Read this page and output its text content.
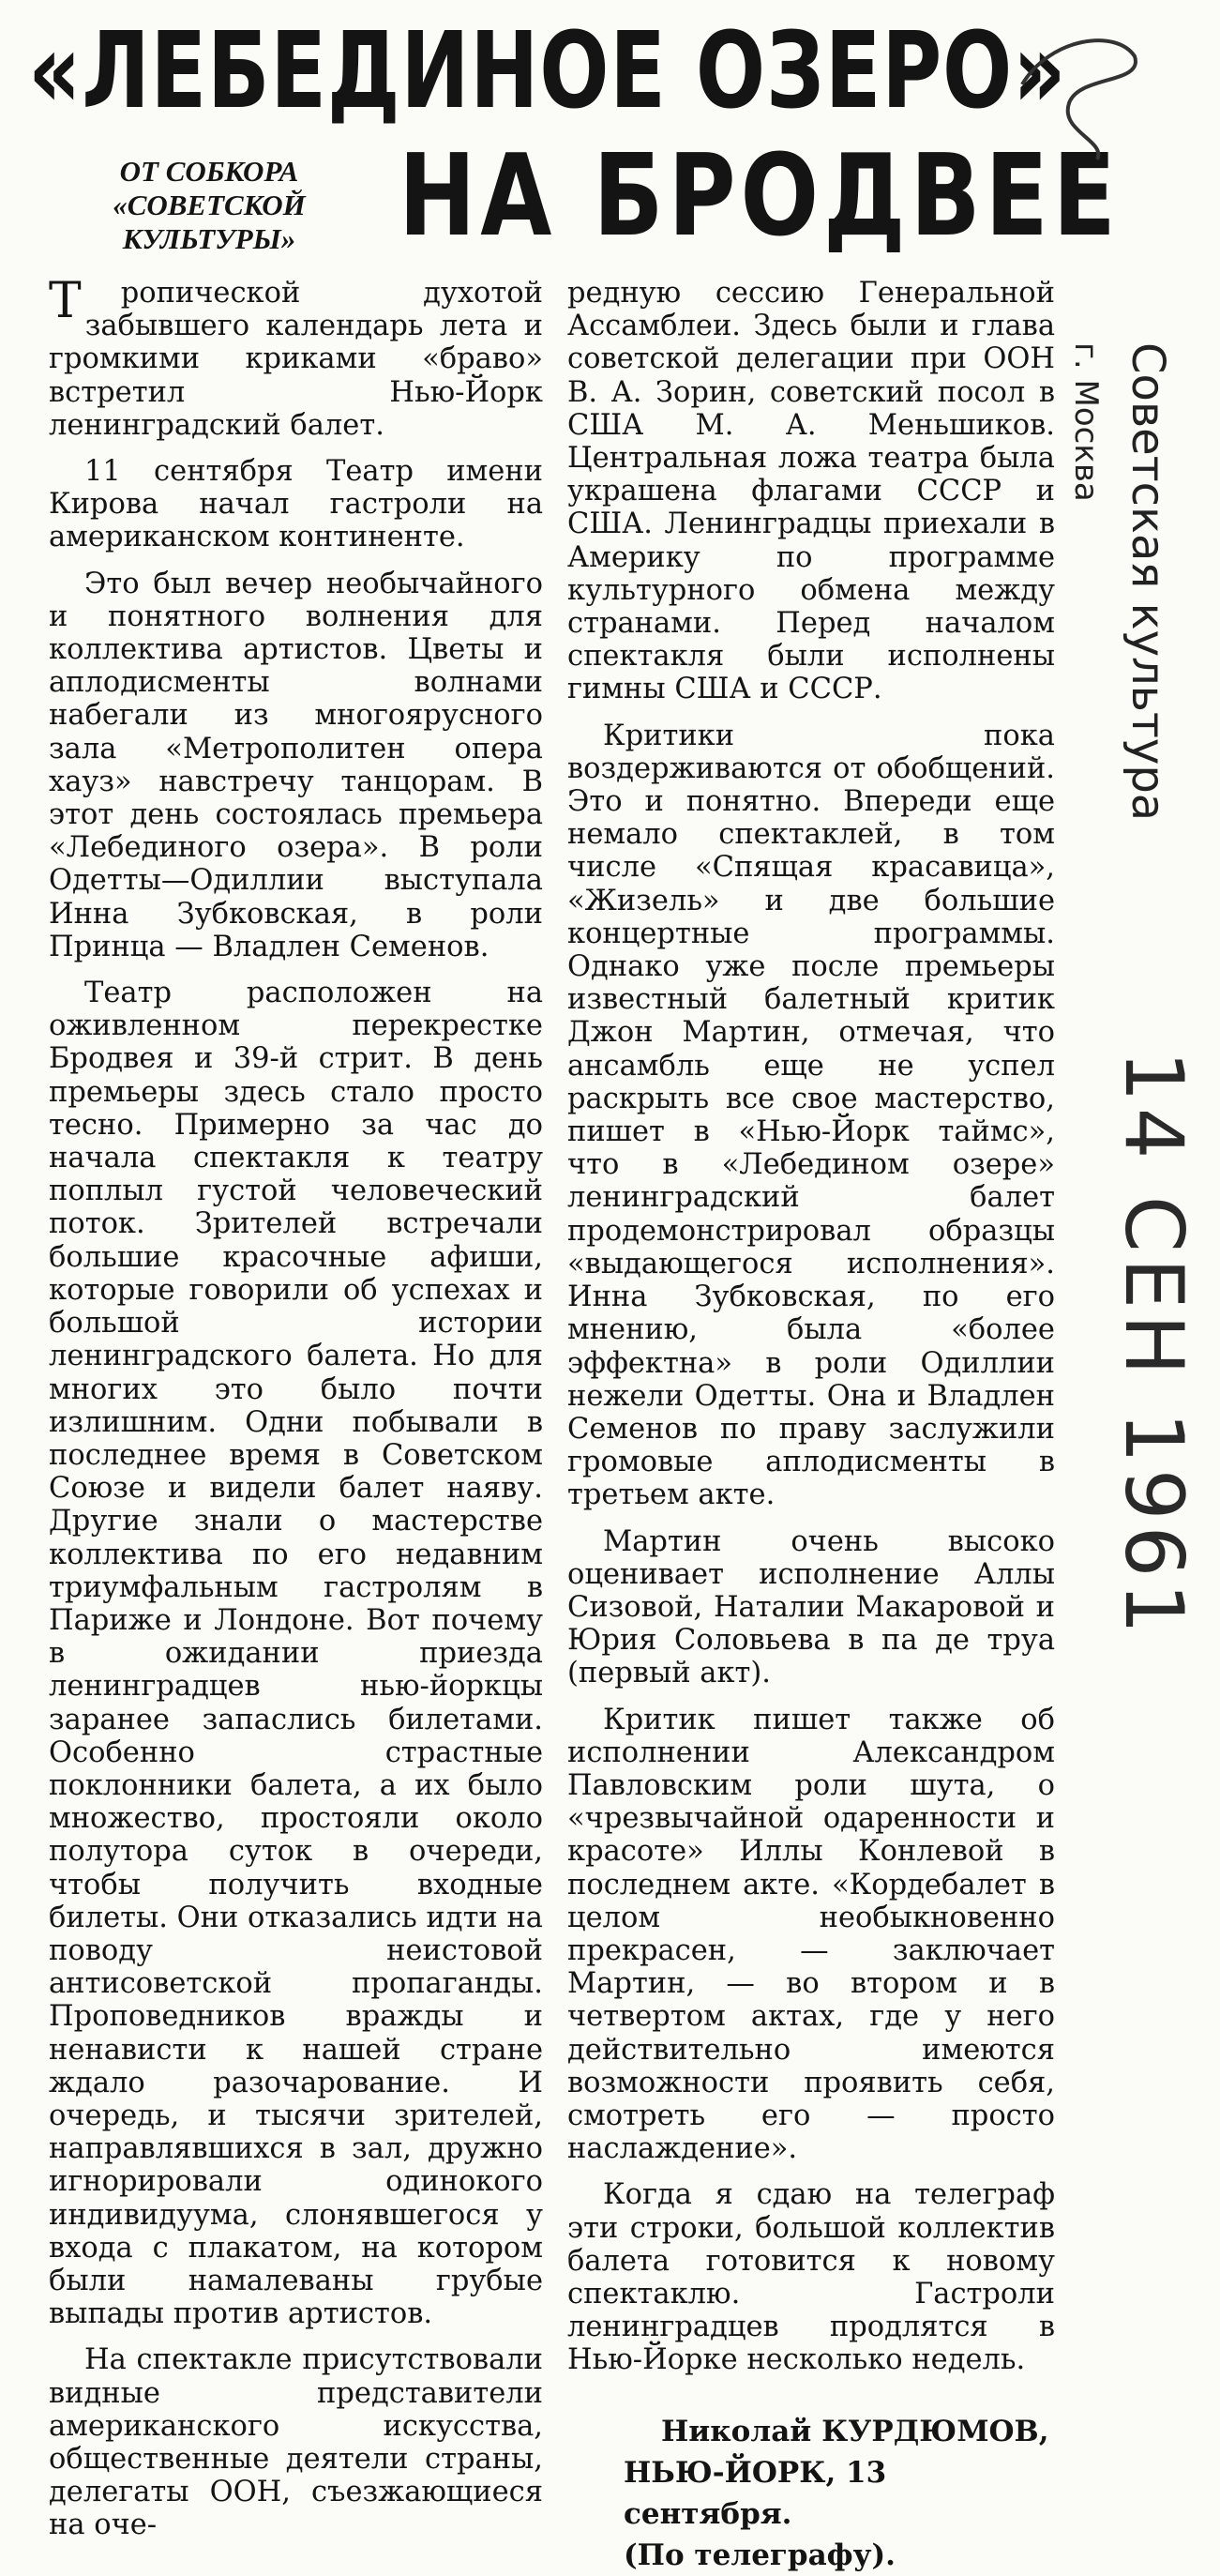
«ЛЕБЕДИНОЕ ОЗЕРО»
ОТ СОБКОРА «СОВЕТСКОЙ КУЛЬТУРЫ» НА БРОДВЕЕ

Т ропической духотой забывшего календарь лета и громкими криками «браво» встретил Нью-Йорк ленинградский балет.

11 сентября Театр имени Кирова начал гастроли на американском континенте.

Это был вечер необычайного и понятного волнения для коллектива артистов. Цветы и аплодисменты волнами набегали из многоярусного зала «Метрополитен опера хауз» навстречу танцорам. В этот день состоялась премьера «Лебединого озера». В роли Одетты—Одиллии выступала Инна Зубковская, в роли Принца — Владлен Семенов.

Театр расположен на оживленном перекрестке Бродвея и 39-й стрит. В день премьеры здесь стало просто тесно. Примерно за час до начала спектакля к театру поплыл густой человеческий поток. Зрителей встречали большие красочные афиши, которые говорили об успехах и большой истории ленинградского балета. Но для многих это было почти излишним. Одни побывали в последнее время в Советском Союзе и видели балет наяву. Другие знали о мастерстве коллектива по его недавним триумфальным гастролям в Париже и Лондоне. Вот почему в ожидании приезда ленинградцев нью-йоркцы заранее запаслись билетами. Особенно страстные поклонники балета, а их было множество, простояли около полутора суток в очереди, чтобы получить входные билеты. Они отказались идти на поводу неистовой антисоветской пропаганды. Проповедников вражды и ненависти к нашей стране ждало разочарование. И очередь, и тысячи зрителей, направлявшихся в зал, дружно игнорировали одинокого индивидуума, слонявшегося у входа с плакатом, на котором были намалеваны грубые выпады против артистов.

На спектакле присутствовали видные представители американского искусства, общественные деятели страны, делегаты ООН, съезжающиеся на оче-

редную сессию Генеральной Ассамблеи. Здесь были и глава советской делегации при ООН В. А. Зорин, советский посол в США М. А. Меньшиков. Центральная ложа театра была украшена флагами СССР и США. Ленинградцы приехали в Америку по программе культурного обмена между странами. Перед началом спектакля были исполнены гимны США и СССР.

Критики пока воздерживаются от обобщений. Это и понятно. Впереди еще немало спектаклей, в том числе «Спящая красавица», «Жизель» и две большие концертные программы. Однако уже после премьеры известный балетный критик Джон Мартин, отмечая, что ансамбль еще не успел раскрыть все свое мастерство, пишет в «Нью-Йорк таймс», что в «Лебедином озере» ленинградский балет продемонстрировал образцы «выдающегося исполнения». Инна Зубковская, по его мнению, была «более эффектна» в роли Одиллии нежели Одетты. Она и Владлен Семенов по праву заслужили громовые аплодисменты в третьем акте.

Мартин очень высоко оценивает исполнение Аллы Сизовой, Наталии Макаровой и Юрия Соловьева в па де труа (первый акт).

Критик пишет также об исполнении Александром Павловским роли шута, о «чрезвычайной одаренности и красоте» Иллы Конлевой в последнем акте. «Кордебалет в целом необыкновенно прекрасен, — заключает Мартин, — во втором и в четвертом актах, где у него действительно имеются возможности проявить себя, смотреть его — просто наслаждение».

Когда я сдаю на телеграф эти строки, большой коллектив балета готовится к новому спектаклю. Гастроли ленинградцев продлятся в Нью-Йорке несколько недель.

Николай КУРДЮМОВ,
НЬЮ-ЙОРК, 13 сентября.
(По телеграфу).
Советская культура
г. Москва
14 СЕН 1961
